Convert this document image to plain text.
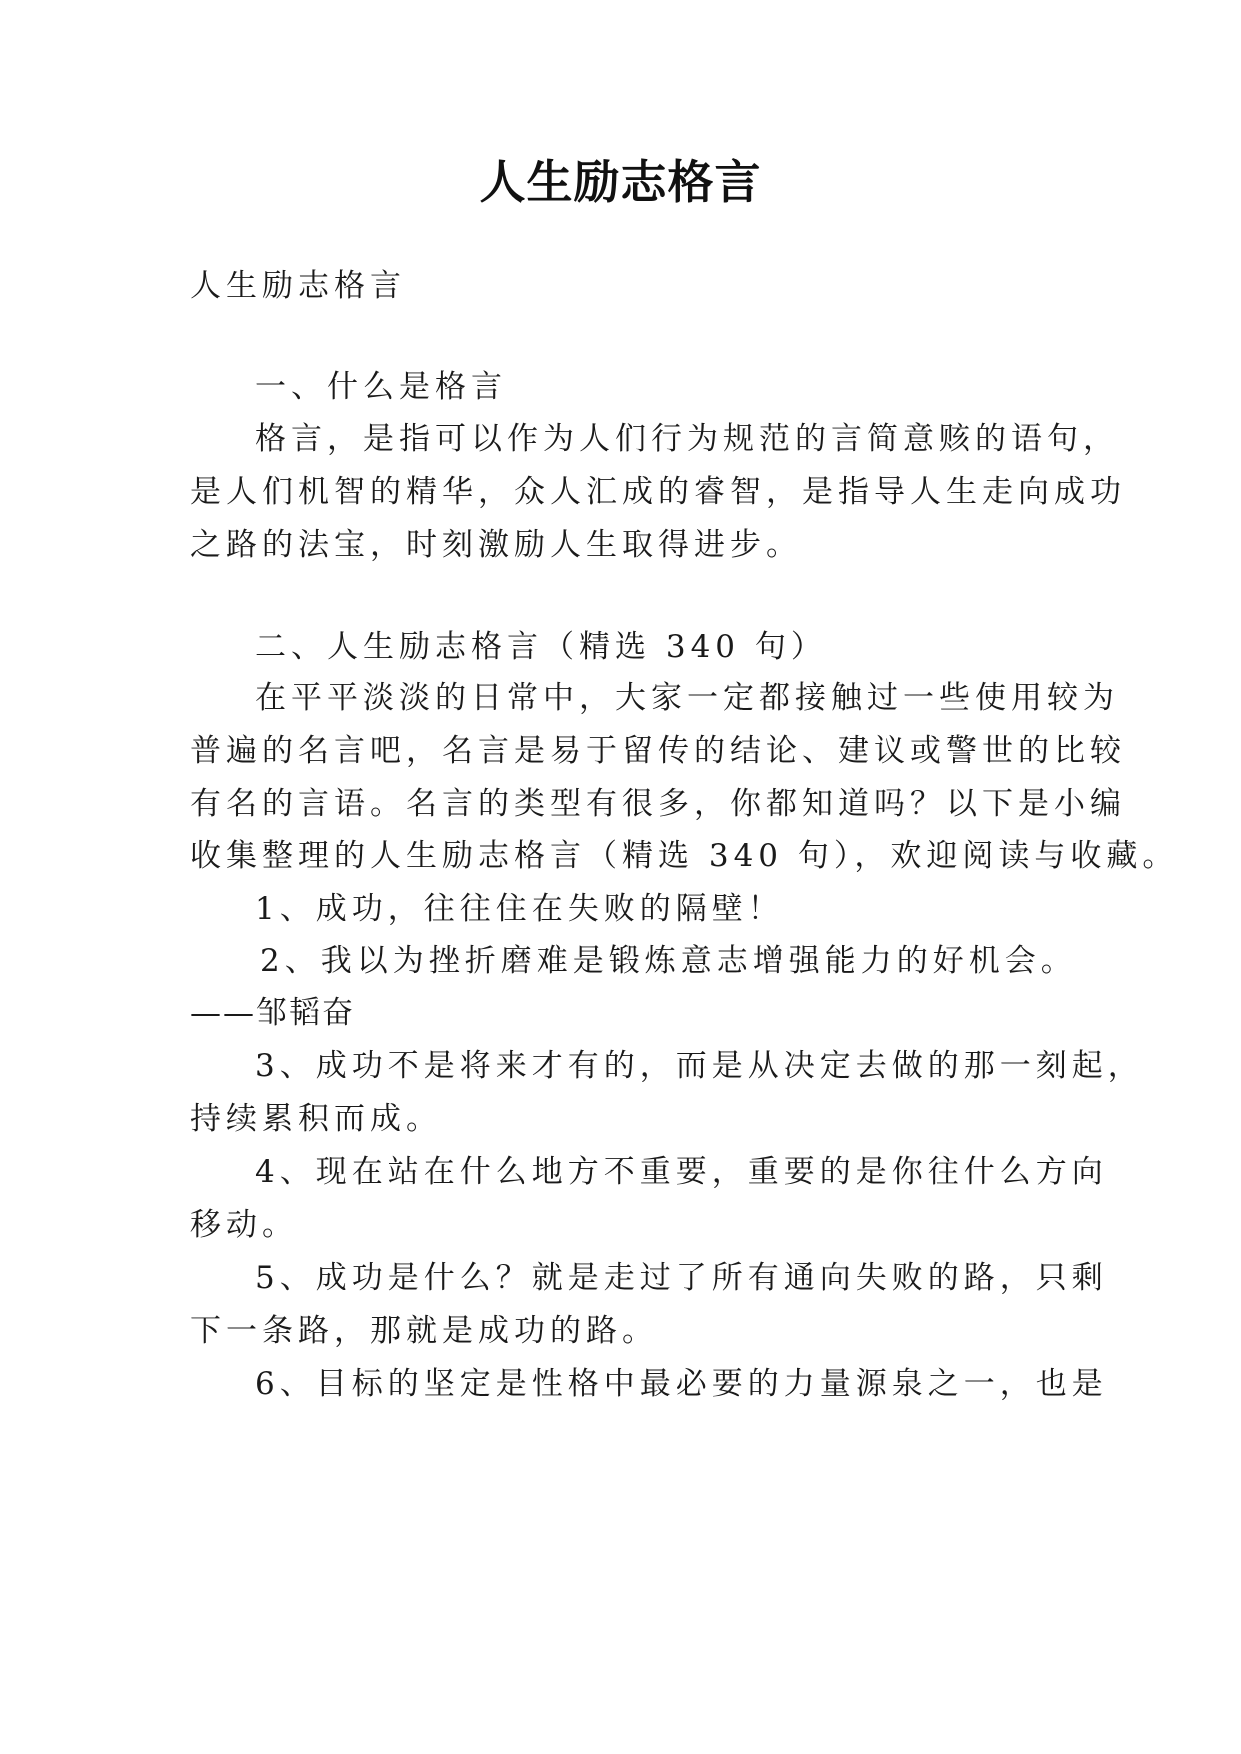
人生励志格言
人生励志格言
一、什么是格言
格言，是指可以作为人们行为规范的言简意赅的语句，
是人们机智的精华，众人汇成的睿智，是指导人生走向成功
之路的法宝，时刻激励人生取得进步。
二、人生励志格言（精选 340 句）
在平平淡淡的日常中，大家一定都接触过一些使用较为
普遍的名言吧，名言是易于留传的结论、建议或警世的比较
有名的言语。名言的类型有很多，你都知道吗？以下是小编
收集整理的人生励志格言（精选 340 句），欢迎阅读与收藏。
1、成功，往往住在失败的隔壁！
2、我以为挫折磨难是锻炼意志增强能力的好机会。
——邹韬奋
3、成功不是将来才有的，而是从决定去做的那一刻起，
持续累积而成。
4、现在站在什么地方不重要，重要的是你往什么方向
移动。
5、成功是什么？就是走过了所有通向失败的路，只剩
下一条路，那就是成功的路。
6、目标的坚定是性格中最必要的力量源泉之一，也是
